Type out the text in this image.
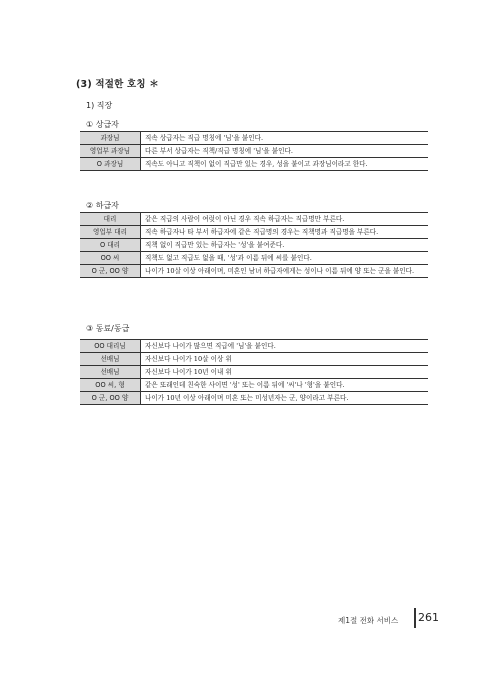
(3) 적절한 호칭 ＊
1) 직장
① 상급자
과장님	직속 상급자는 직급 명칭에 '님'을 붙인다.
영업부 과장님	다른 부서 상급자는 직책/직급 명칭에 '님'을 붙인다.
O 과장님	직속도 아니고 직책이 없이 직급만 있는 경우, 성을 붙이고 과장님이라고 한다.
② 하급자
대리	같은 직급의 사람이 여럿이 아닌 경우 직속 하급자는 직급명만 부른다.
영업부 대리	직속 하급자나 타 부서 하급자에 같은 직급명의 경우는 직책명과 직급명을 부른다.
O 대리	직책 없이 직급만 있는 하급자는 '성'을 붙여준다.
OO 씨	직책도 없고 직급도 없을 때, '성'과 이름 뒤에 씨를 붙인다.
O 군, OO 양	나이가 10살 이상 아래이며, 미혼인 남녀 하급자에게는 성이나 이름 뒤에 양 또는 군을 붙인다.
③ 동료/동급
OO 대리님	자신보다 나이가 많으면 직급에 '님'을 붙인다.
선배님	자신보다 나이가 10살 이상 위
선배님	자신보다 나이가 10년 이내 위
OO 씨, 형	같은 또래인데 친숙한 사이면 '성' 또는 이름 뒤에 '씨'나 '형'을 붙인다.
O 군, OO 양	나이가 10년 이상 아래이며 미혼 또는 미성년자는 군, 양이라고 부른다.
제1절 전화 서비스 261
